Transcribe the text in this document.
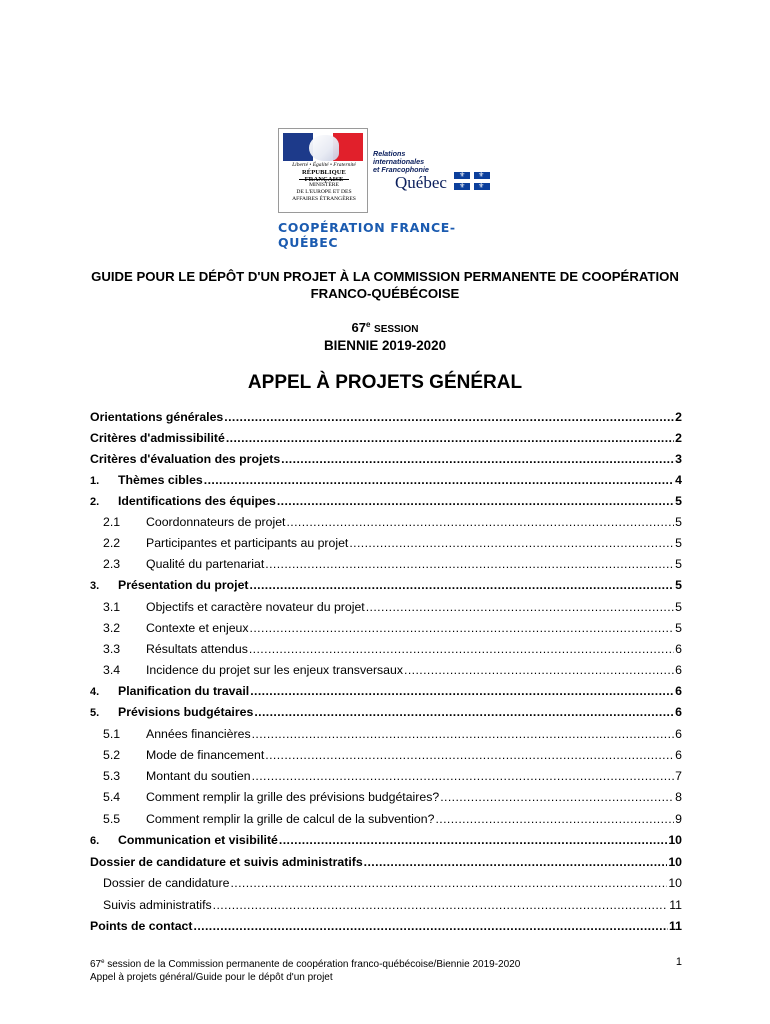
Liberté • Égalité • Fraternité
RÉPUBLIQUE FRANÇAISE
MINISTÈRE
DE L'EUROPE ET DES
AFFAIRES ÉTRANGÈRES
Relations
internationales
et Francophonie
Québec ⚜ ⚜
⚜ ⚜
COOPÉRATION FRANCE-QUÉBEC
GUIDE POUR LE DÉPÔT D'UN PROJET À LA COMMISSION PERMANENTE DE COOPÉRATION FRANCO-QUÉBÉCOISE
67e SESSION
BIENNIE 2019-2020
APPEL À PROJETS GÉNÉRAL
Orientations générales .....	2
Critères d'admissibilité .....	2
Critères d'évaluation des projets .....	3
1.	Thèmes cibles .....	4
2.	Identifications des équipes .....	5
2.1	Coordonnateurs de projet .....	5
2.2	Participantes et participants au projet .....	5
2.3	Qualité du partenariat .....	5
3.	Présentation du projet .....	5
3.1	Objectifs et caractère novateur du projet .....	5
3.2	Contexte et enjeux .....	5
3.3	Résultats attendus .....	6
3.4	Incidence du projet sur les enjeux transversaux .....	6
4.	Planification du travail .....	6
5.	Prévisions budgétaires .....	6
5.1	Années financières .....	6
5.2	Mode de financement .....	6
5.3	Montant du soutien .....	7
5.4	Comment remplir la grille des prévisions budgétaires? .....	8
5.5	Comment remplir la grille de calcul de la subvention? .....	9
6.	Communication et visibilité .....	10
Dossier de candidature et suivis administratifs .....	10
Dossier de candidature .....	10
Suivis administratifs .....	11
Points de contact .....	11
67e session de la Commission permanente de coopération franco-québécoise/Biennie 2019-2020
Appel à projets général/Guide pour le dépôt d'un projet
1
